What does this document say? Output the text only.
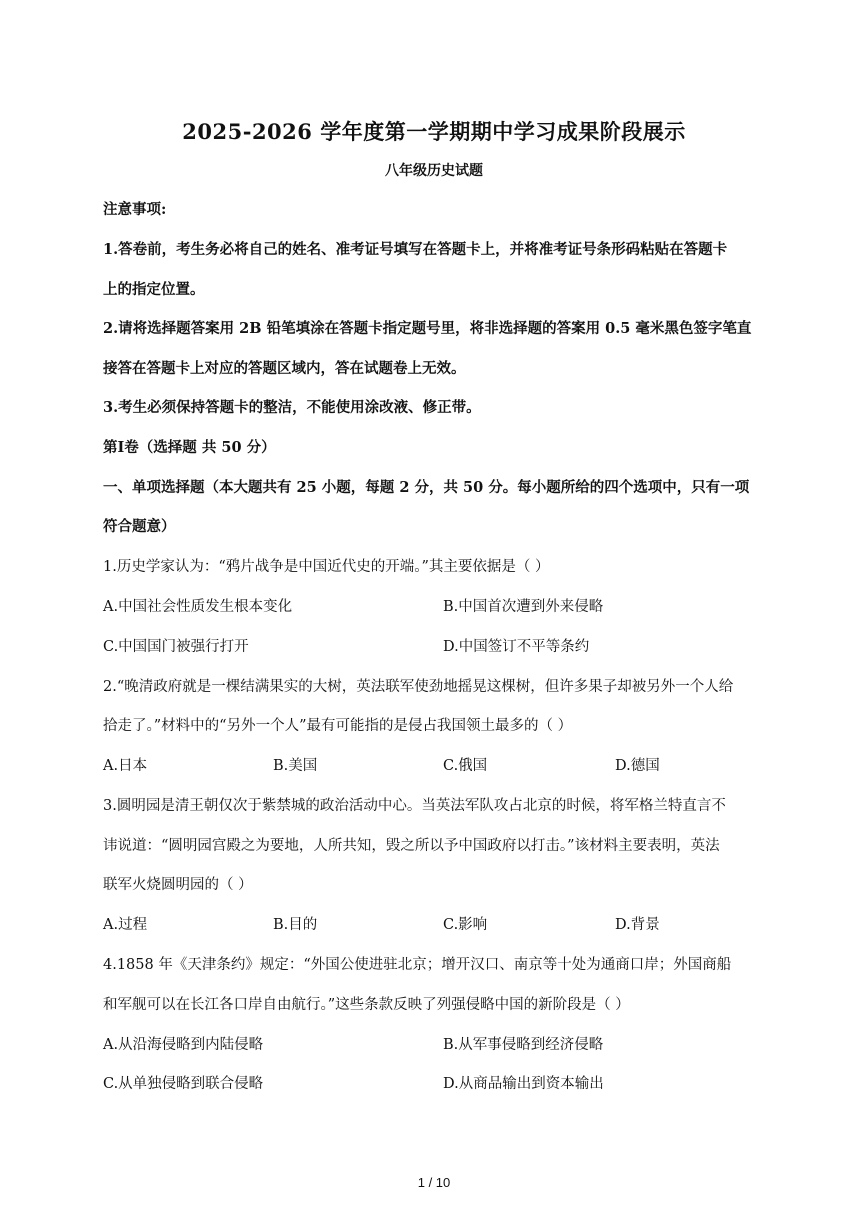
2025-2026 学年度第一学期期中学习成果阶段展示
八年级历史试题
注意事项:
1.答卷前，考生务必将自己的姓名、准考证号填写在答题卡上，并将准考证号条形码粘贴在答题卡
上的指定位置。
2.请将选择题答案用 2B 铅笔填涂在答题卡指定题号里，将非选择题的答案用 0.5 毫米黑色签字笔直
接答在答题卡上对应的答题区域内，答在试题卷上无效。
3.考生必须保持答题卡的整洁，不能使用涂改液、修正带。
第Ⅰ卷（选择题 共 50 分）
一、单项选择题（本大题共有 25 小题，每题 2 分，共 50 分。每小题所给的四个选项中，只有一项
符合题意）
1.历史学家认为：“鸦片战争是中国近代史的开端。”其主要依据是（ ）
A.中国社会性质发生根本变化	B.中国首次遭到外来侵略
C.中国国门被强行打开	D.中国签订不平等条约
2.“晚清政府就是一棵结满果实的大树，英法联军使劲地摇晃这棵树，但许多果子却被另外一个人给
拾走了。”材料中的“另外一个人”最有可能指的是侵占我国领土最多的（ ）
A.日本	B.美国	C.俄国	D.德国
3.圆明园是清王朝仅次于紫禁城的政治活动中心。当英法军队攻占北京的时候，将军格兰特直言不
讳说道：“圆明园宫殿之为要地，人所共知，毁之所以予中国政府以打击。”该材料主要表明，英法
联军火烧圆明园的（ ）
A.过程	B.目的	C.影响	D.背景
4.1858 年《天津条约》规定：“外国公使进驻北京；增开汉口、南京等十处为通商口岸；外国商船
和军舰可以在长江各口岸自由航行。”这些条款反映了列强侵略中国的新阶段是（ ）
A.从沿海侵略到内陆侵略	B.从军事侵略到经济侵略
C.从单独侵略到联合侵略	D.从商品输出到资本输出
1 / 10
